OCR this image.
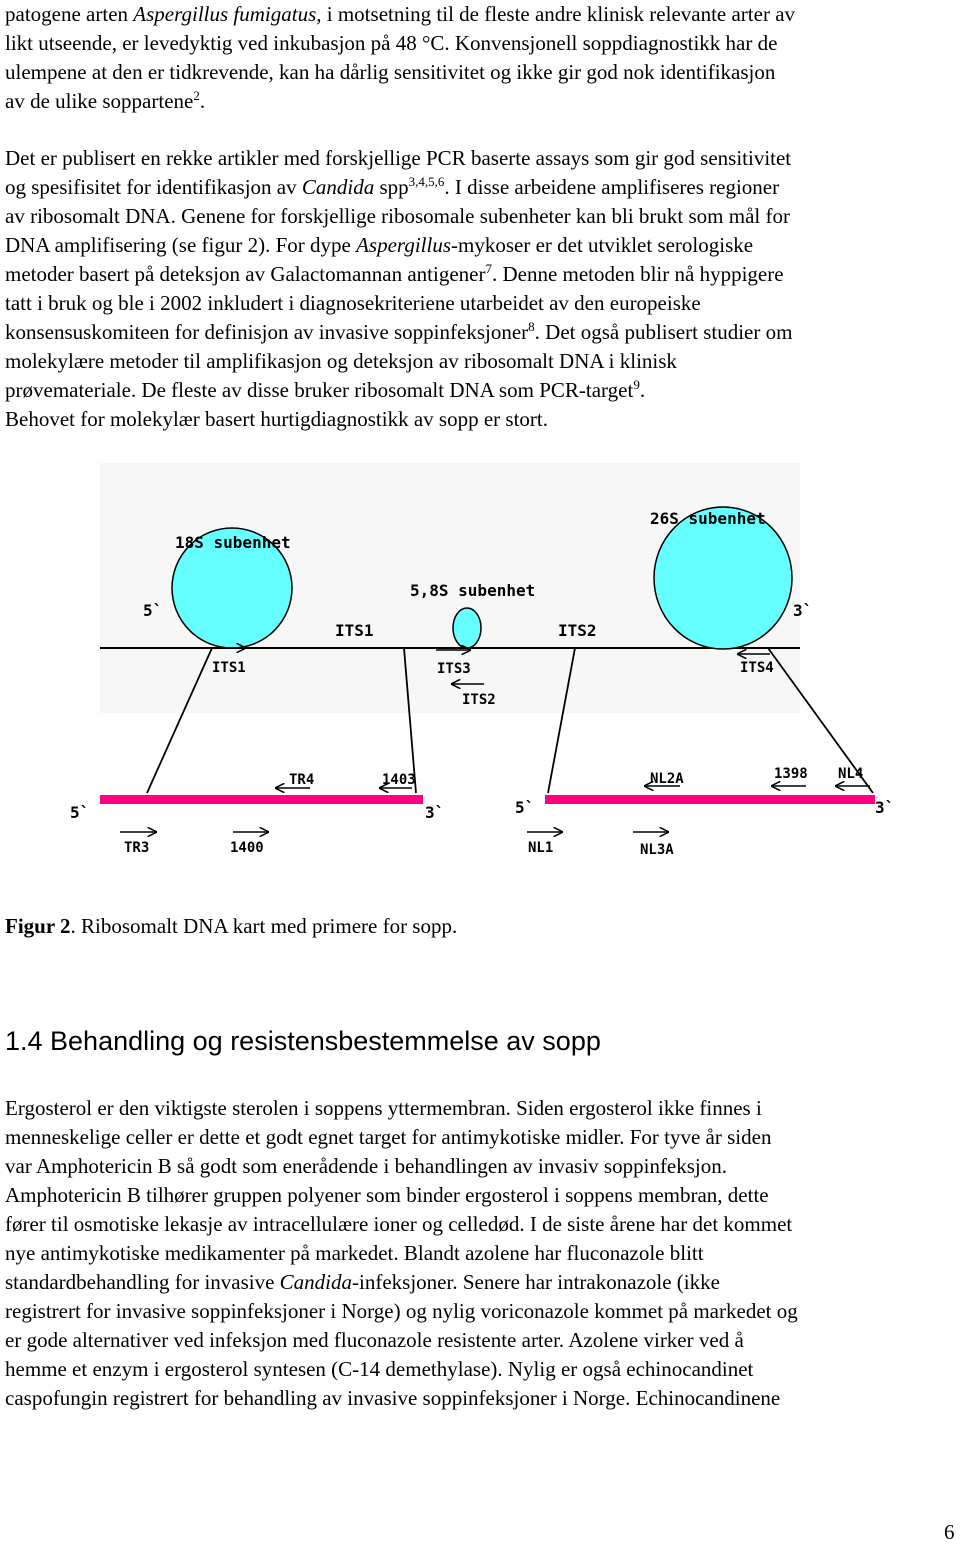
patogene arten Aspergillus fumigatus, i motsetning til de fleste andre klinisk relevante arter av
likt utseende, er levedyktig ved inkubasjon på 48 °C. Konvensjonell soppdiagnostikk har de
ulempene at den er tidkrevende, kan ha dårlig sensitivitet og ikke gir god nok identifikasjon
av de ulike soppartene$^2$.
Det er publisert en rekke artikler med forskjellige PCR baserte assays som gir god sensitivitet
og spesifisitet for identifikasjon av Candida spp$^{3,4,5,6}$. I disse arbeidene amplifiseres regioner
av ribosomalt DNA. Genene for forskjellige ribosomale subenheter kan bli brukt som mål for
DNA amplifisering (se figur 2). For dype Aspergillus-mykoser er det utviklet serologiske
metoder basert på deteksjon av Galactomannan antigener$^7$. Denne metoden blir nå hyppigere
tatt i bruk og ble i 2002 inkludert i diagnosekriteriene utarbeidet av den europeiske
konsensuskomiteen for definisjon av invasive soppinfeksjoner$^8$. Det også publisert studier om
molekylære metoder til amplifikasjon og deteksjon av ribosomalt DNA i klinisk
prøvemateriale. De fleste av disse bruker ribosomalt DNA som PCR-target$^9$.
Behovet for molekylær basert hurtigdiagnostikk av sopp er stort.
18S subenhet
5,8S subenhet
26S subenhet
ITS1	ITS2
5`	3`
ITS1	ITS3
ITS2
ITS4
5`	3`	5`	3`
TR4	1403
TR3	1400
NL2A	1398 NL4
NL1	NL3A
Figur 2. Ribosomalt DNA kart med primere for sopp.
1.4 Behandling og resistensbestemmelse av sopp
Ergosterol er den viktigste sterolen i soppens yttermembran. Siden ergosterol ikke finnes i
menneskelige celler er dette et godt egnet target for antimykotiske midler. For tyve år siden
var Amphotericin B så godt som enerådende i behandlingen av invasiv soppinfeksjon.
Amphotericin B tilhører gruppen polyener som binder ergosterol i soppens membran, dette
fører til osmotiske lekasje av intracellulære ioner og celledød. I de siste årene har det kommet
nye antimykotiske medikamenter på markedet. Blandt azolene har fluconazole blitt
standardbehandling for invasive Candida-infeksjoner. Senere har intrakonazole (ikke
registrert for invasive soppinfeksjoner i Norge) og nylig voriconazole kommet på markedet og
er gode alternativer ved infeksjon med fluconazole resistente arter. Azolene virker ved å
hemme et enzym i ergosterol syntesen (C-14 demethylase). Nylig er også echinocandinet
caspofungin registrert for behandling av invasive soppinfeksjoner i Norge. Echinocandinene
6
